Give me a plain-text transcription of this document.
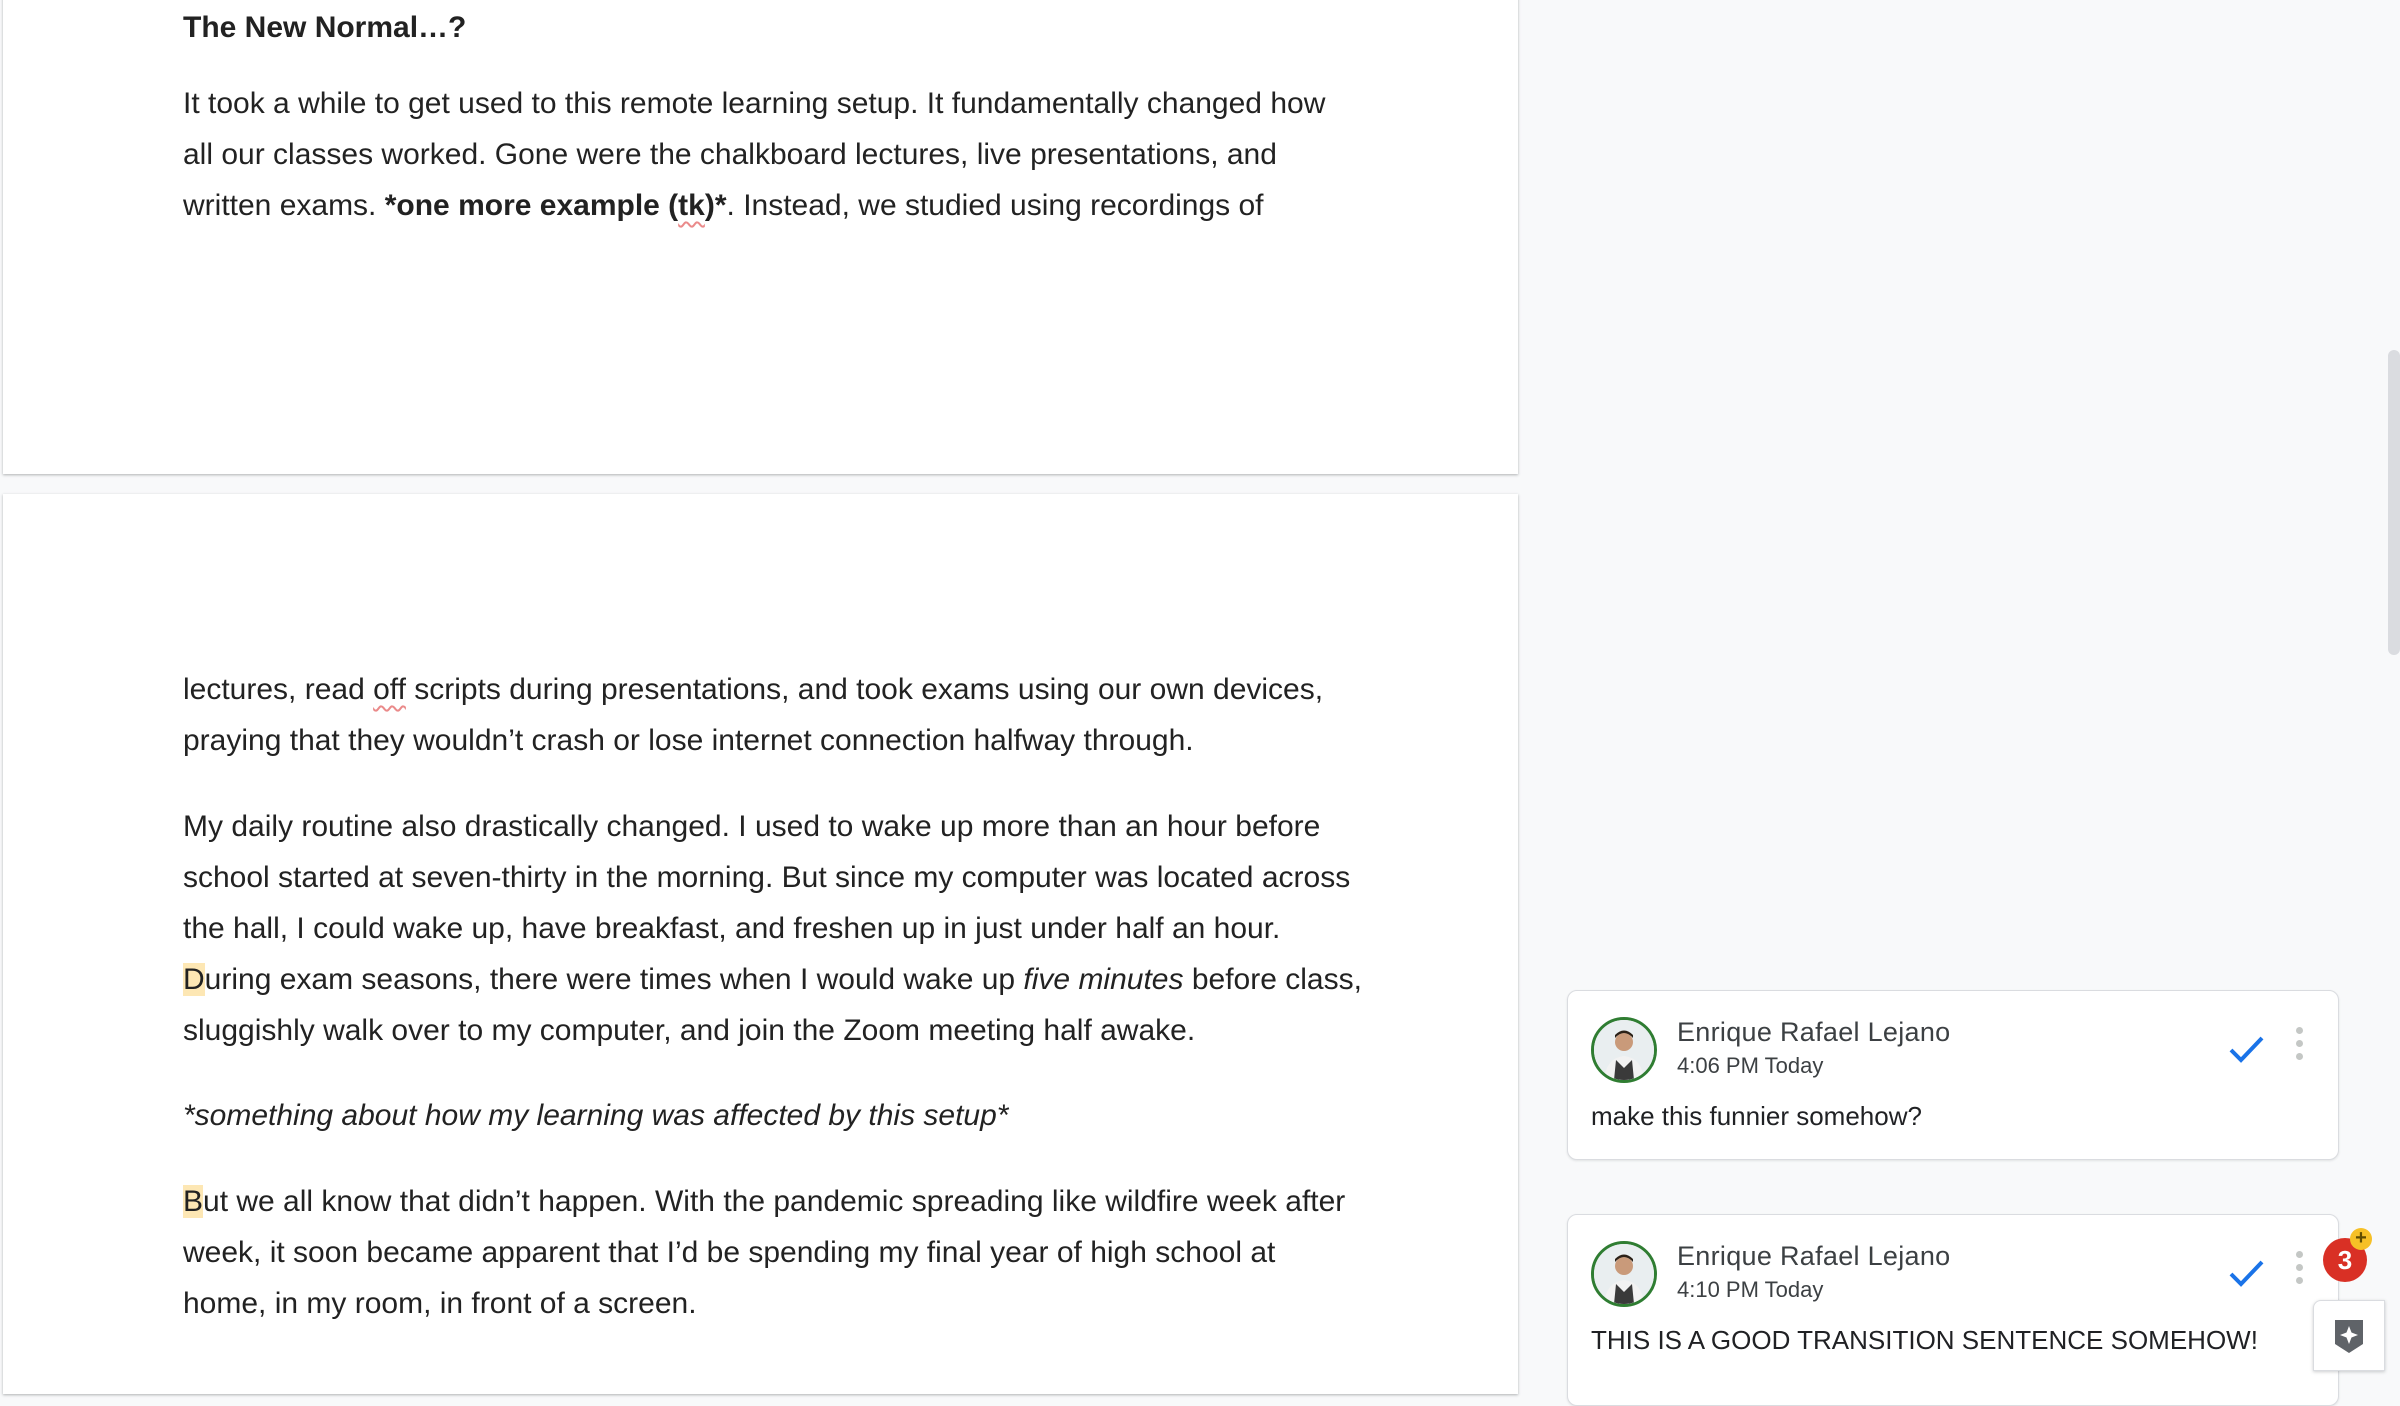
The New Normal…?

It took a while to get used to this remote learning setup. It fundamentally changed how all our classes worked. Gone were the chalkboard lectures, live presentations, and written exams. *one more example (tk)*. Instead, we studied using recordings of

lectures, read off scripts during presentations, and took exams using our own devices, praying that they wouldn’t crash or lose internet connection halfway through.

My daily routine also drastically changed. I used to wake up more than an hour before school started at seven-thirty in the morning. But since my computer was located across the hall, I could wake up, have breakfast, and freshen up in just under half an hour. During exam seasons, there were times when I would wake up five minutes before class, sluggishly walk over to my computer, and join the Zoom meeting half awake.

*something about how my learning was affected by this setup*

But we all know that didn’t happen. With the pandemic spreading like wildfire week after week, it soon became apparent that I’d be spending my final year of high school at home, in my room, in front of a screen.

Enrique Rafael Lejano
4:06 PM Today
make this funnier somehow?
Enrique Rafael Lejano
4:10 PM Today
THIS IS A GOOD TRANSITION SENTENCE SOMEHOW!
3
+
